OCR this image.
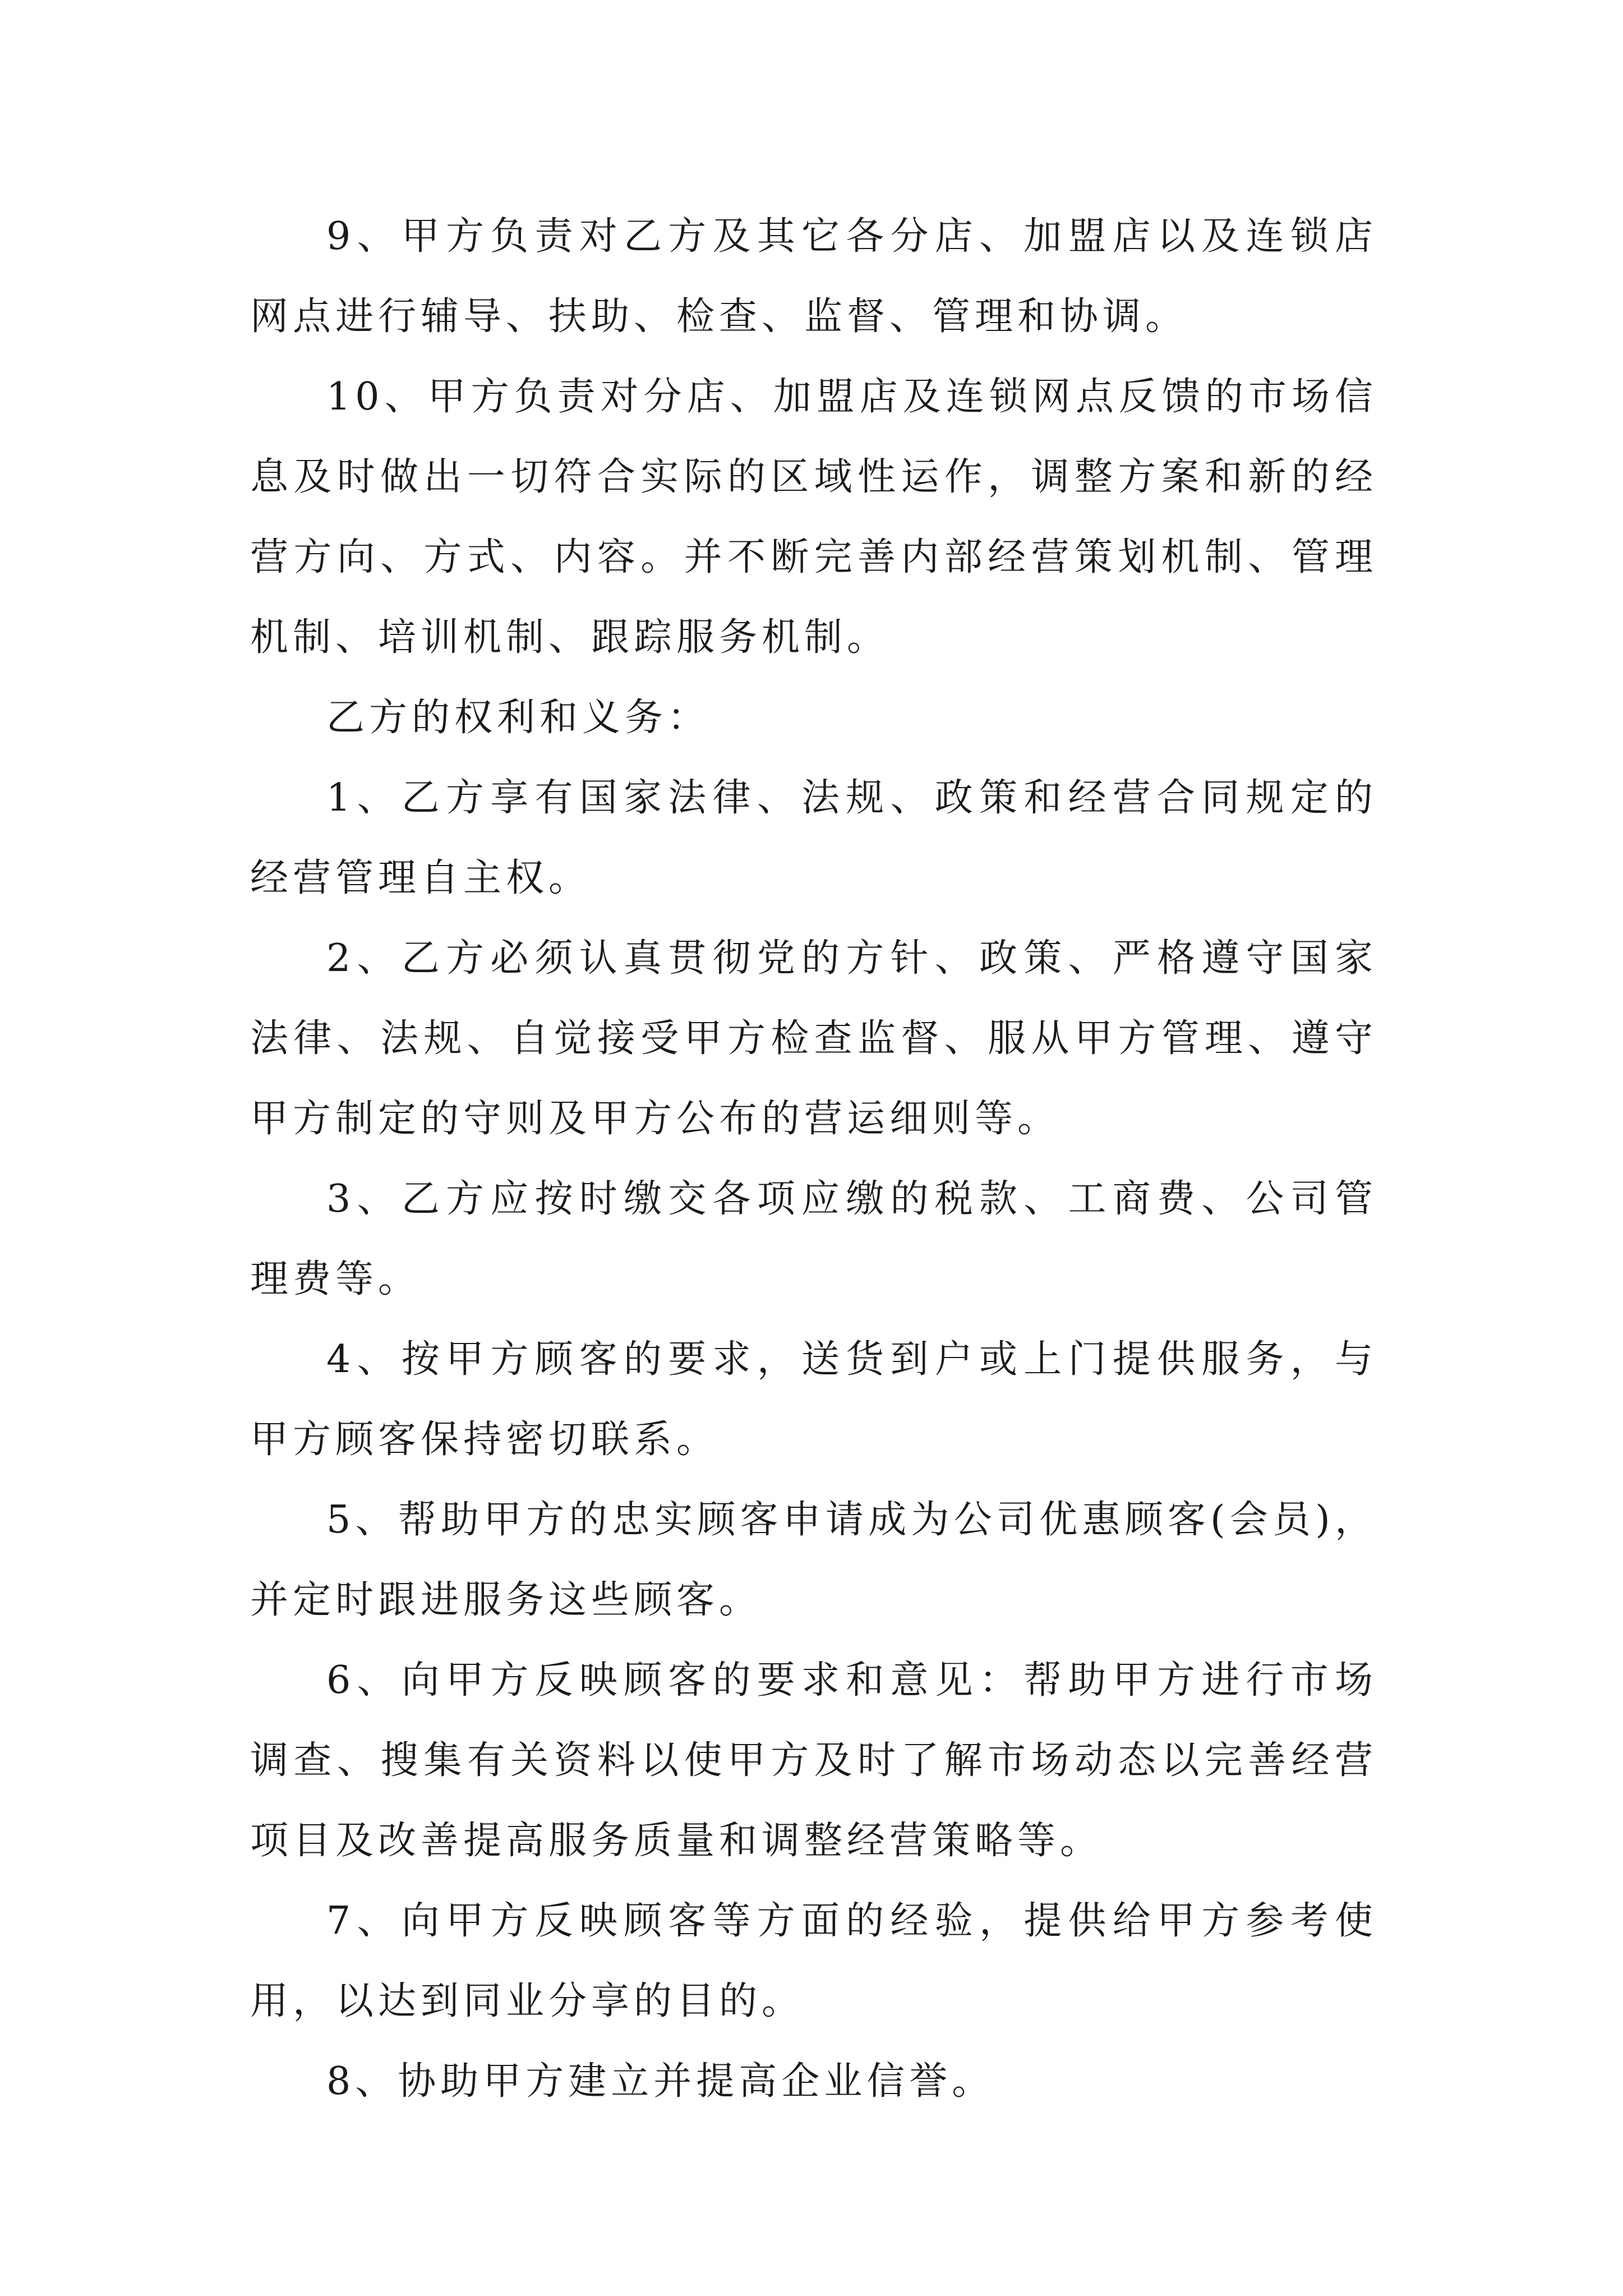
9、甲方负责对乙方及其它各分店、加盟店以及连锁店网点进行辅导、扶助、检查、监督、管理和协调。

10、甲方负责对分店、加盟店及连锁网点反馈的市场信息及时做出一切符合实际的区域性运作，调整方案和新的经营方向、方式、内容。并不断完善内部经营策划机制、管理机制、培训机制、跟踪服务机制。

乙方的权利和义务：

1、乙方享有国家法律、法规、政策和经营合同规定的经营管理自主权。

2、乙方必须认真贯彻党的方针、政策、严格遵守国家法律、法规、自觉接受甲方检查监督、服从甲方管理、遵守甲方制定的守则及甲方公布的营运细则等。

3、乙方应按时缴交各项应缴的税款、工商费、公司管理费等。

4、按甲方顾客的要求，送货到户或上门提供服务，与甲方顾客保持密切联系。

5、帮助甲方的忠实顾客申请成为公司优惠顾客(会员)，并定时跟进服务这些顾客。

6、向甲方反映顾客的要求和意见：帮助甲方进行市场调查、搜集有关资料以使甲方及时了解市场动态以完善经营项目及改善提高服务质量和调整经营策略等。

7、向甲方反映顾客等方面的经验，提供给甲方参考使用，以达到同业分享的目的。

8、协助甲方建立并提高企业信誉。
